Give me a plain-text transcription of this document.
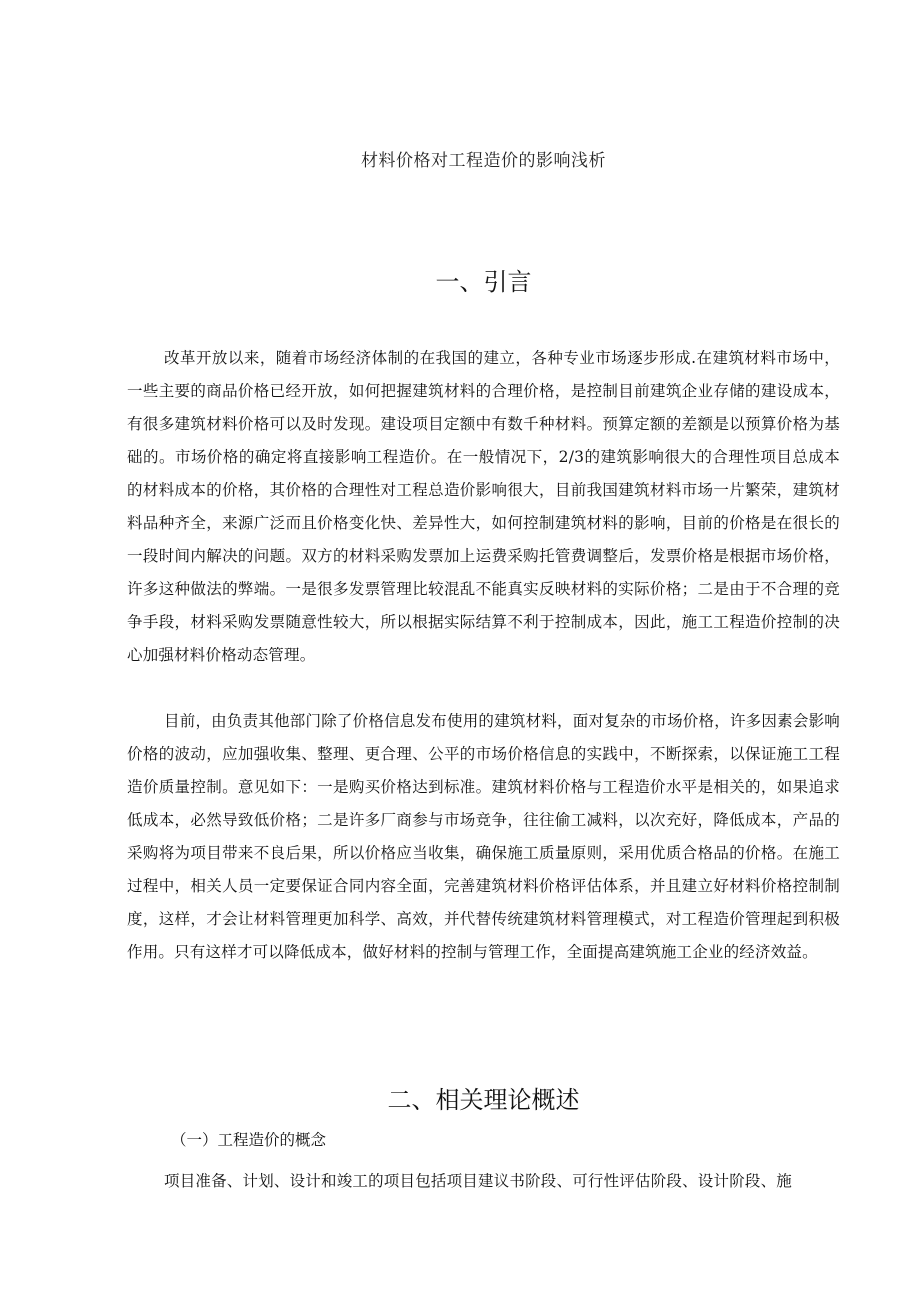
材料价格对工程造价的影响浅析
一、引言

改革开放以来，随着市场经济体制的在我国的建立，各种专业市场逐步形成.在建筑材料市场中，一些主要的商品价格已经开放，如何把握建筑材料的合理价格，是控制目前建筑企业存储的建设成本，有很多建筑材料价格可以及时发现。建设项目定额中有数千种材料。预算定额的差额是以预算价格为基础的。市场价格的确定将直接影响工程造价。在一般情况下，2/3的建筑影响很大的合理性项目总成本的材料成本的价格，其价格的合理性对工程总造价影响很大，目前我国建筑材料市场一片繁荣，建筑材料品种齐全，来源广泛而且价格变化快、差异性大，如何控制建筑材料的影响，目前的价格是在很长的一段时间内解决的问题。双方的材料采购发票加上运费采购托管费调整后，发票价格是根据市场价格，许多这种做法的弊端。一是很多发票管理比较混乱不能真实反映材料的实际价格；二是由于不合理的竞争手段，材料采购发票随意性较大，所以根据实际结算不利于控制成本，因此，施工工程造价控制的决心加强材料价格动态管理。

目前，由负责其他部门除了价格信息发布使用的建筑材料，面对复杂的市场价格，许多因素会影响价格的波动，应加强收集、整理、更合理、公平的市场价格信息的实践中，不断探索，以保证施工工程造价质量控制。意见如下：一是购买价格达到标准。建筑材料价格与工程造价水平是相关的，如果追求低成本，必然导致低价格；二是许多厂商参与市场竞争，往往偷工减料，以次充好，降低成本，产品的采购将为项目带来不良后果，所以价格应当收集，确保施工质量原则，采用优质合格品的价格。在施工过程中，相关人员一定要保证合同内容全面，完善建筑材料价格评估体系，并且建立好材料价格控制制度，这样，才会让材料管理更加科学、高效，并代替传统建筑材料管理模式，对工程造价管理起到积极作用。只有这样才可以降低成本，做好材料的控制与管理工作，全面提高建筑施工企业的经济效益。

二、相关理论概述
（一）工程造价的概念

项目准备、计划、设计和竣工的项目包括项目建议书阶段、可行性评估阶段、设计阶段、施
